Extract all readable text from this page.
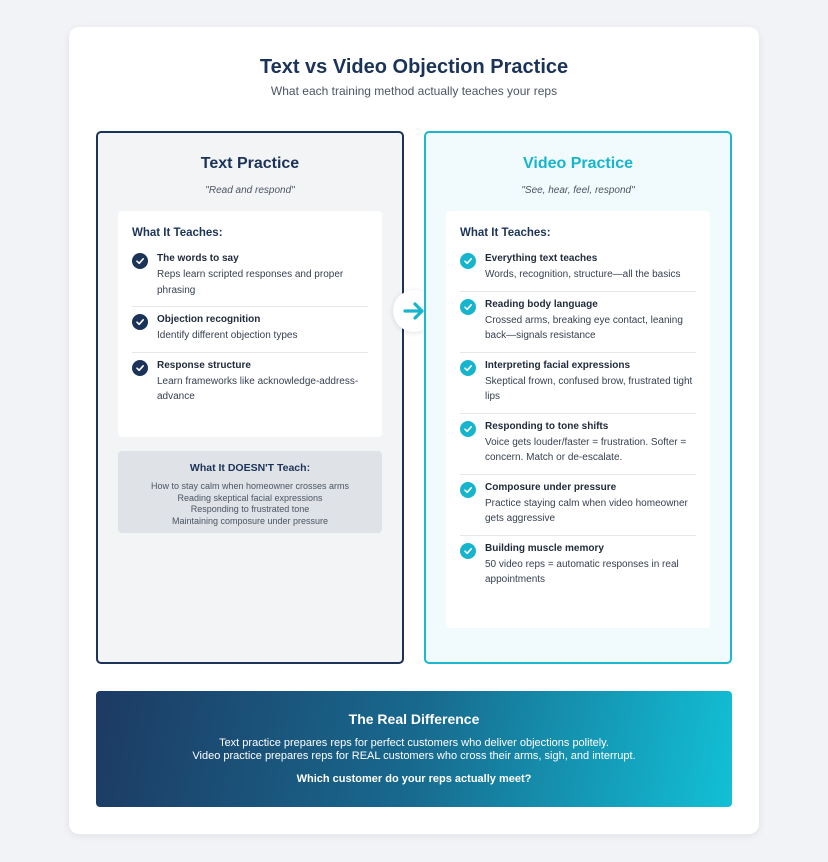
Text vs Video Objection Practice
What each training method actually teaches your reps
Text Practice
"Read and respond"
What It Teaches:
The words to say
Reps learn scripted responses and proper phrasing
Objection recognition
Identify different objection types
Response structure
Learn frameworks like acknowledge-address-advance
What It DOESN'T Teach:
How to stay calm when homeowner crosses arms
Reading skeptical facial expressions
Responding to frustrated tone
Maintaining composure under pressure
Video Practice
"See, hear, feel, respond"
What It Teaches:
Everything text teaches
Words, recognition, structure—all the basics
Reading body language
Crossed arms, breaking eye contact, leaning back—signals resistance
Interpreting facial expressions
Skeptical frown, confused brow, frustrated tight lips
Responding to tone shifts
Voice gets louder/faster = frustration. Softer = concern. Match or de-escalate.
Composure under pressure
Practice staying calm when video homeowner gets aggressive
Building muscle memory
50 video reps = automatic responses in real appointments
The Real Difference
Text practice prepares reps for perfect customers who deliver objections politely.
Video practice prepares reps for REAL customers who cross their arms, sigh, and interrupt.
Which customer do your reps actually meet?
